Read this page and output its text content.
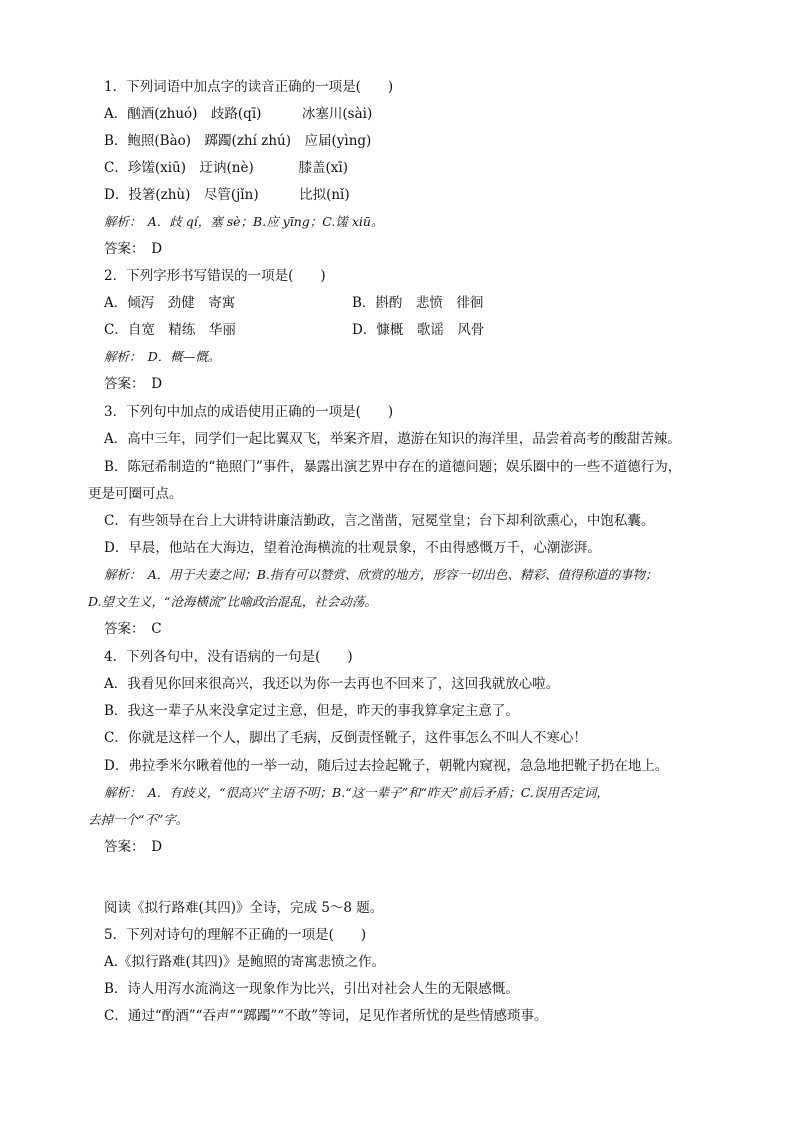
1．下列词语中加点字的读音正确的一项是(　　)
A．酗酒(zhuó)　歧路(qī)　　　冰塞川(sài)
B．鲍照(Bào)　踯躅(zhí zhú)　应届(yìng)
C．珍馐(xiū)　迂讷(nè)　　　 膝盖(xī)
D．投箸(zhù)　尽管(jǐn)　　　比拟(nǐ)
解析：　A．歧 qí，塞 sè；B.应 yīng；C.馐 xiū。
答案：　D
2．下列字形书写错误的一项是(　　)
A．倾泻　劲健　寄寓	B．斟酌　悲愤　徘徊
C．自宽　精练　华丽	D．慷概　歌谣　风骨
解析：　D．概—慨。
答案：　D
3．下列句中加点的成语使用正确的一项是(　　)
A．高中三年，同学们一起比翼双飞，举案齐眉，遨游在知识的海洋里，品尝着高考的酸甜苦辣。
B．陈冠希制造的“艳照门”事件，暴露出演艺界中存在的道德问题；娱乐圈中的一些不道德行为，
更是可圈可点。
C．有些领导在台上大讲特讲廉洁勤政，言之凿凿，冠冕堂皇；台下却利欲熏心，中饱私囊。
D．早晨，他站在大海边，望着沧海横流的壮观景象，不由得感慨万千，心潮澎湃。
解析：　A．用于夫妻之间；B.指有可以赞赏、欣赏的地方，形容一切出色、精彩、值得称道的事物；
D.望文生义，“沧海横流”比喻政治混乱，社会动荡。
答案：　C
4．下列各句中，没有语病的一句是(　　)
A．我看见你回来很高兴，我还以为你一去再也不回来了，这回我就放心啦。
B．我这一辈子从来没拿定过主意，但是，昨天的事我算拿定主意了。
C．你就是这样一个人，脚出了毛病，反倒责怪靴子，这件事怎么不叫人不寒心！
D．弗拉季米尔瞅着他的一举一动，随后过去捡起靴子，朝靴内窥视，急急地把靴子扔在地上。
解析：　A．有歧义，“很高兴”主语不明；B.“这一辈子”和“昨天”前后矛盾；C.误用否定词，
去掉一个“不”字。
答案：　D
阅读《拟行路难(其四)》全诗，完成 5～8 题。
5．下列对诗句的理解不正确的一项是(　　)
A.《拟行路难(其四)》是鲍照的寄寓悲愤之作。
B．诗人用泻水流淌这一现象作为比兴，引出对社会人生的无限感慨。
C．通过“酌酒”“吞声”“踯躅”“不敢”等词，足见作者所忧的是些情感琐事。
